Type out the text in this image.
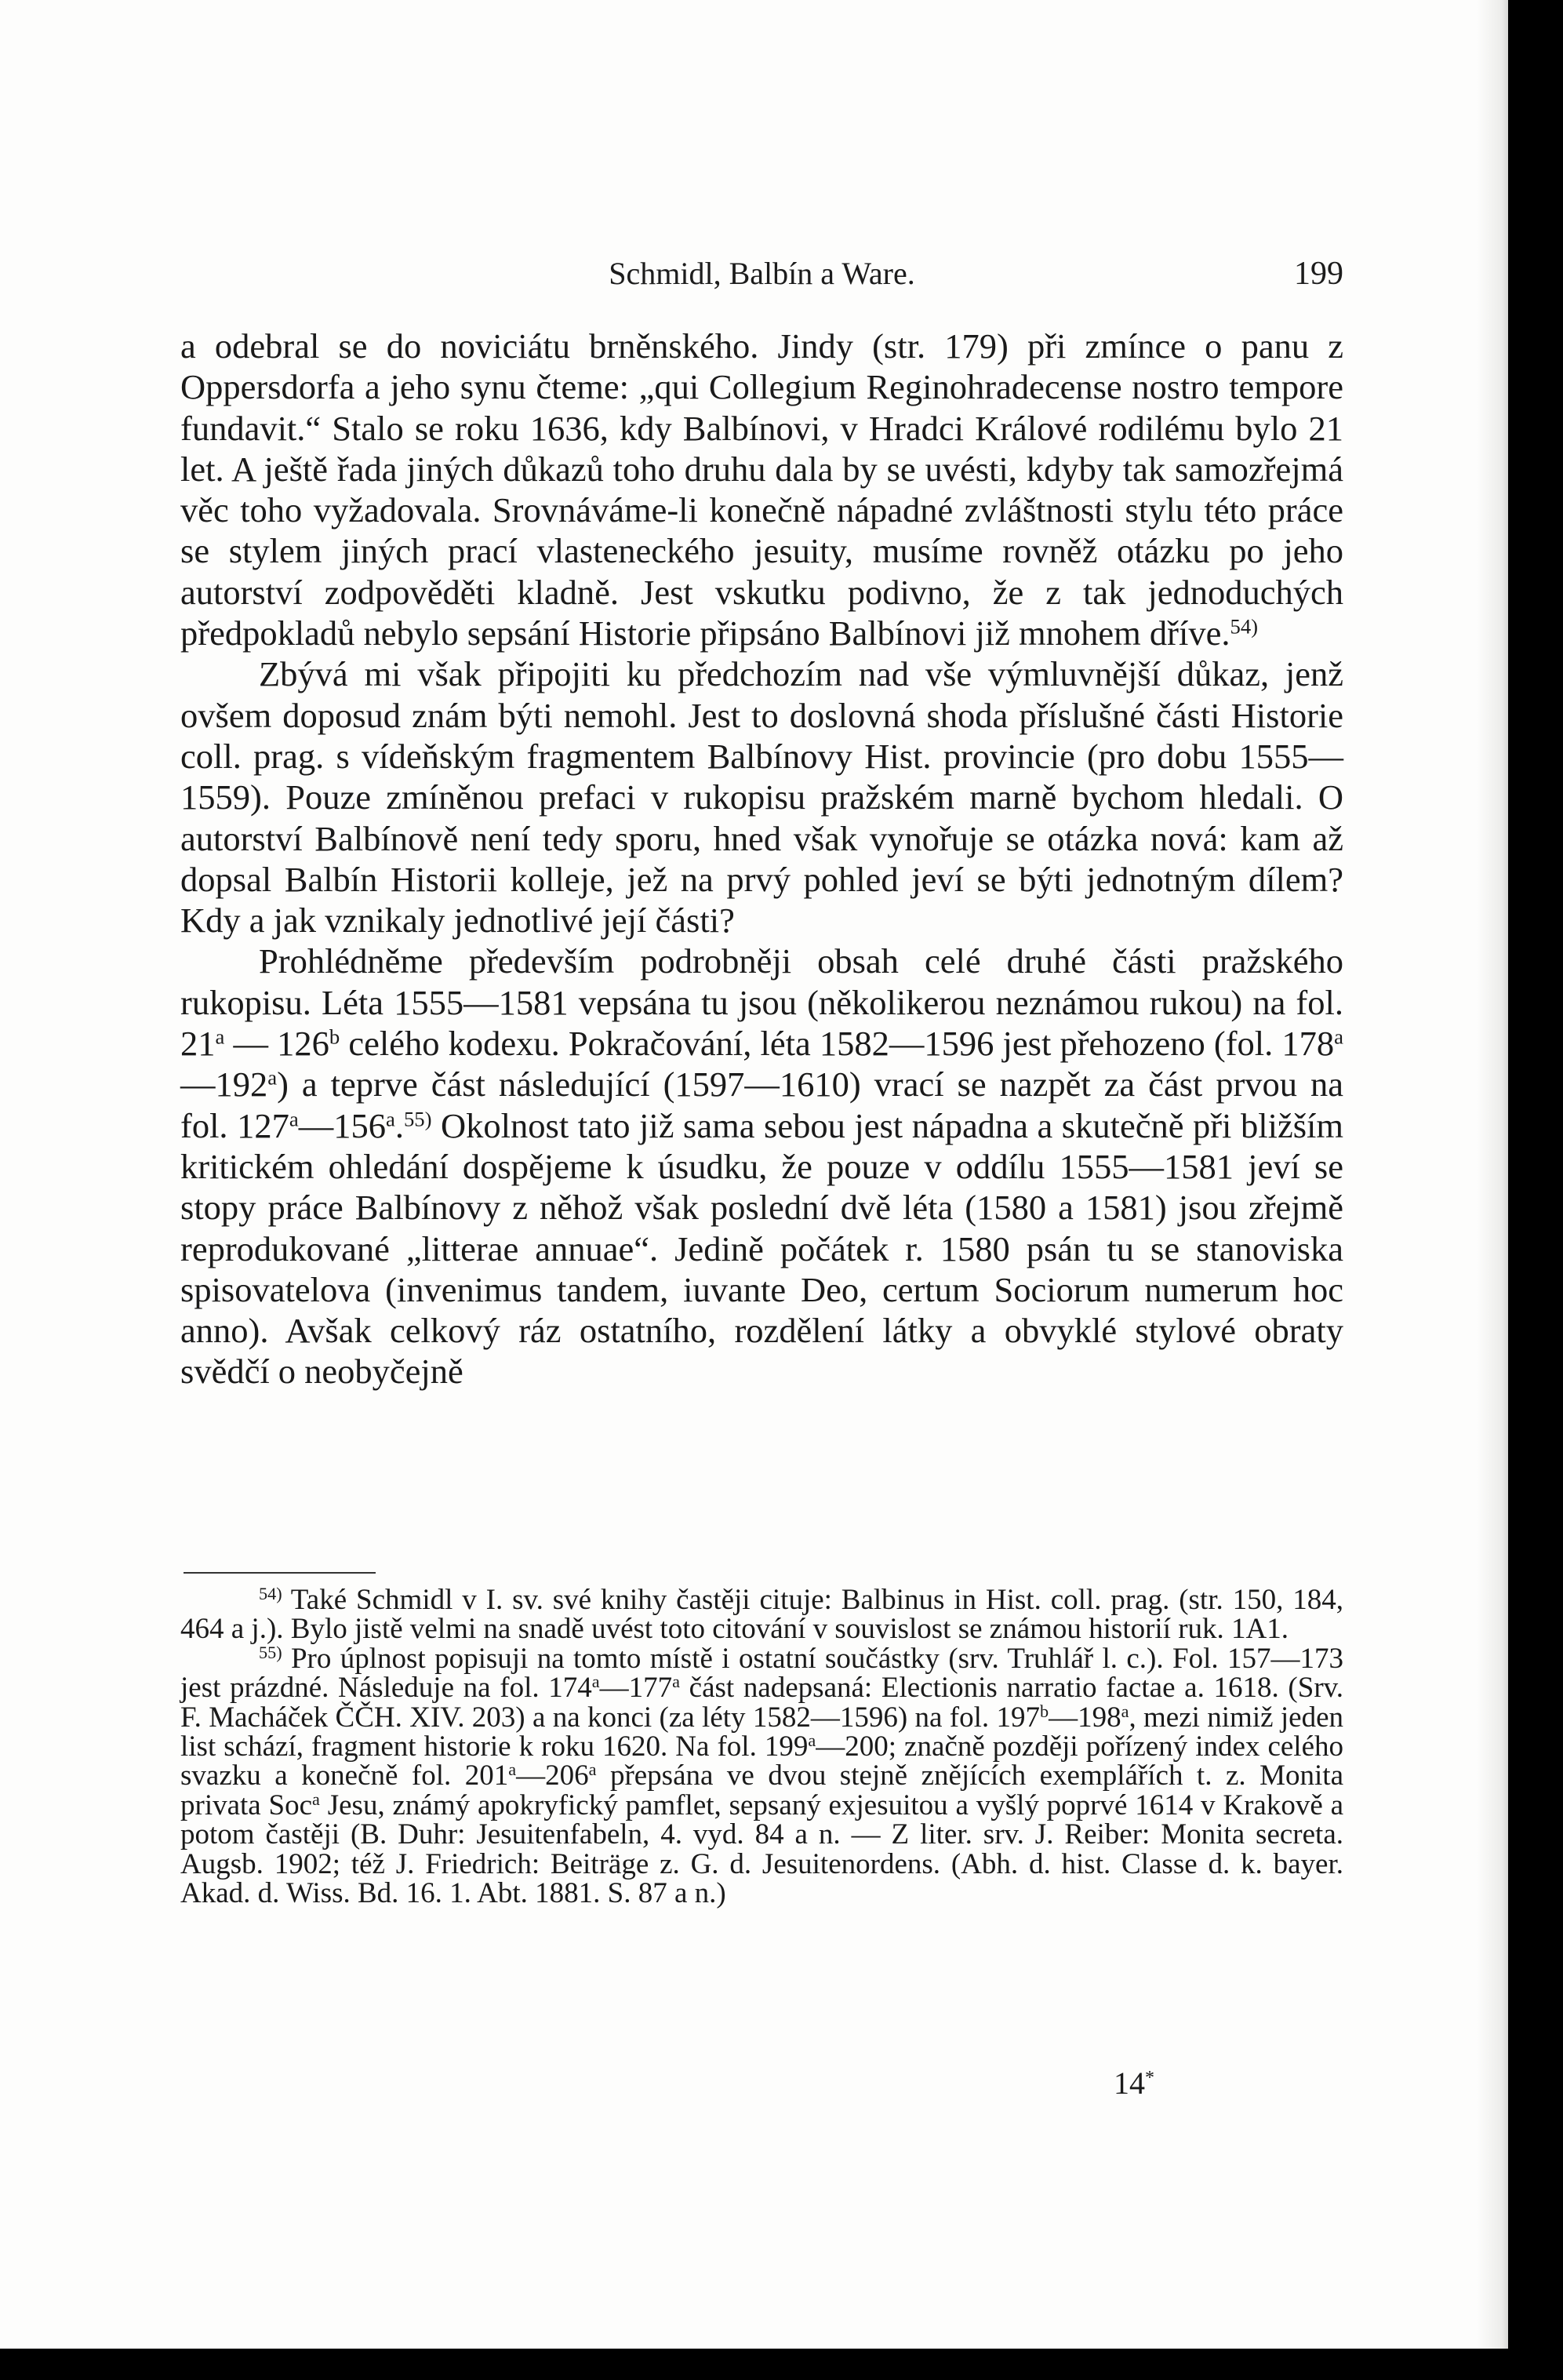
Schmidl, Balbín a Ware.	199

a odebral se do noviciátu brněnského. Jindy (str. 179) při zmínce o panu z Oppersdorfa a jeho synu čteme: „qui Collegium Reginohradecense nostro tempore fundavit.“ Stalo se roku 1636, kdy Balbínovi, v Hradci Králové rodilému bylo 21 let. A ještě řada jiných důkazů toho druhu dala by se uvésti, kdyby tak samozřejmá věc toho vyžadovala. Srovnáváme-li konečně nápadné zvláštnosti stylu této práce se stylem jiných prací vlasteneckého jesuity, musíme rovněž otázku po jeho autorství zodpověděti kladně. Jest vskutku podivno, že z tak jednoduchých předpokladů nebylo sepsání Historie připsáno Balbínovi již mnohem dříve.$^{54)}$

Zbývá mi však připojiti ku předchozím nad vše výmluvnější důkaz, jenž ovšem doposud znám býti nemohl. Jest to doslovná shoda příslušné části Historie coll. prag. s vídeňským fragmentem Balbínovy Hist. provincie (pro dobu 1555—1559). Pouze zmíněnou prefaci v rukopisu pražském marně bychom hledali. O autorství Balbínově není tedy sporu, hned však vynořuje se otázka nová: kam až dopsal Balbín Historii kolleje, jež na prvý pohled jeví se býti jednotným dílem? Kdy a jak vznikaly jednotlivé její části?

Prohlédněme především podrobněji obsah celé druhé části pražského rukopisu. Léta 1555—1581 vepsána tu jsou (několikerou neznámou rukou) na fol. 21$^a$ — 126$^b$ celého kodexu. Pokračování, léta 1582—1596 jest přehozeno (fol. 178$^a$—192$^a$) a teprve část následující (1597—1610) vrací se nazpět za část prvou na fol. 127$^a$—156$^a$.$^{55)}$ Okolnost tato již sama sebou jest nápadna a skutečně při bližším kritickém ohledání dospějeme k úsudku, že pouze v oddílu 1555—1581 jeví se stopy práce Balbínovy z něhož však poslední dvě léta (1580 a 1581) jsou zřejmě reprodukované „litterae annuae“. Jedině počátek r. 1580 psán tu se stanoviska spisovatelova (invenimus tandem, iuvante Deo, certum Sociorum numerum hoc anno). Avšak celkový ráz ostatního, rozdělení látky a obvyklé stylové obraty svědčí o neobyčejně

$^{54)}$ Také Schmidl v I. sv. své knihy častěji cituje: Balbinus in Hist. coll. prag. (str. 150, 184, 464 a j.). Bylo jistě velmi na snadě uvést toto citování v souvislost se známou historií ruk. 1A1.

$^{55)}$ Pro úplnost popisuji na tomto místě i ostatní součástky (srv. Truhlář l. c.). Fol. 157—173 jest prázdné. Následuje na fol. 174$^a$—177$^a$ část nadepsaná: Electionis narratio factae a. 1618. (Srv. F. Macháček ČČH. XIV. 203) a na konci (za léty 1582—1596) na fol. 197$^b$—198$^a$, mezi nimiž jeden list schází, fragment historie k roku 1620. Na fol. 199$^a$—200; značně později pořízený index celého svazku a konečně fol. 201$^a$—206$^a$ přepsána ve dvou stejně znějících exemplářích t. z. Monita privata Soc$^a$ Jesu, známý apokryfický pamflet, sepsaný exjesuitou a vyšlý poprvé 1614 v Krakově a potom častěji (B. Duhr: Jesuitenfabeln, 4. vyd. 84 a n. — Z liter. srv. J. Reiber: Monita secreta. Augsb. 1902; též J. Friedrich: Beiträge z. G. d. Jesuitenordens. (Abh. d. hist. Classe d. k. bayer. Akad. d. Wiss. Bd. 16. 1. Abt. 1881. S. 87 a n.)

14*
